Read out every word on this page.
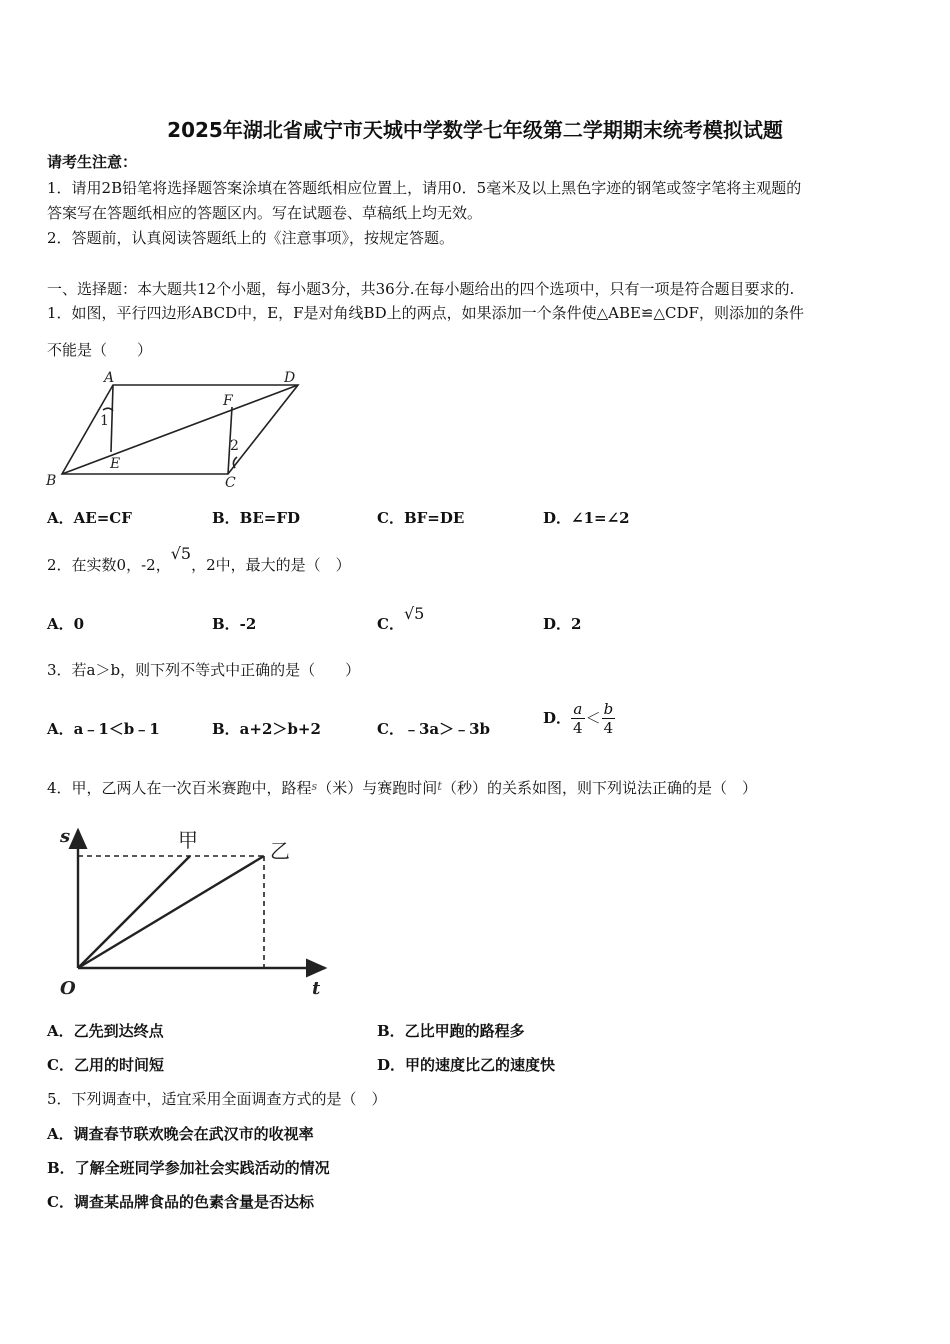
2025年湖北省咸宁市天城中学数学七年级第二学期期末统考模拟试题
请考生注意：
1．请用2B铅笔将选择题答案涂填在答题纸相应位置上，请用0．5毫米及以上黑色字迹的钢笔或签字笔将主观题的
答案写在答题纸相应的答题区内。写在试题卷、草稿纸上均无效。
2．答题前，认真阅读答题纸上的《注意事项》，按规定答题。
一、选择题：本大题共12个小题，每小题3分，共36分.在每小题给出的四个选项中，只有一项是符合题目要求的.
1．如图，平行四边形ABCD中，E，F是对角线BD上的两点，如果添加一个条件使△ABE≌△CDF，则添加的条件
不能是（　　）
A	D
B	C
E
F
1
2
A．AE=CF	B．BE=FD	C．BF=DE	D．∠1=∠2
2．在实数0，-2，√5，2中，最大的是（　）
A．0	B．-2	C．√5
D．2
3．若a＞b，则下列不等式中正确的是（　　）
A．a﹣1＜b﹣1	B．a+2＞b+2	C．﹣3a＞﹣3b
D． $\frac{a}{4} < \frac{b}{4}$
4．甲，乙两人在一次百米赛跑中，路程$^s$（米）与赛跑时间$^t$（秒）的关系如图，则下列说法正确的是（　）
s
t
O
甲	乙
A．乙先到达终点	B．乙比甲跑的路程多
C．乙用的时间短	D．甲的速度比乙的速度快
5．下列调查中，适宜采用全面调查方式的是（　）
A．调查春节联欢晚会在武汉市的收视率
B．了解全班同学参加社会实践活动的情况
C．调查某品牌食品的色素含量是否达标
